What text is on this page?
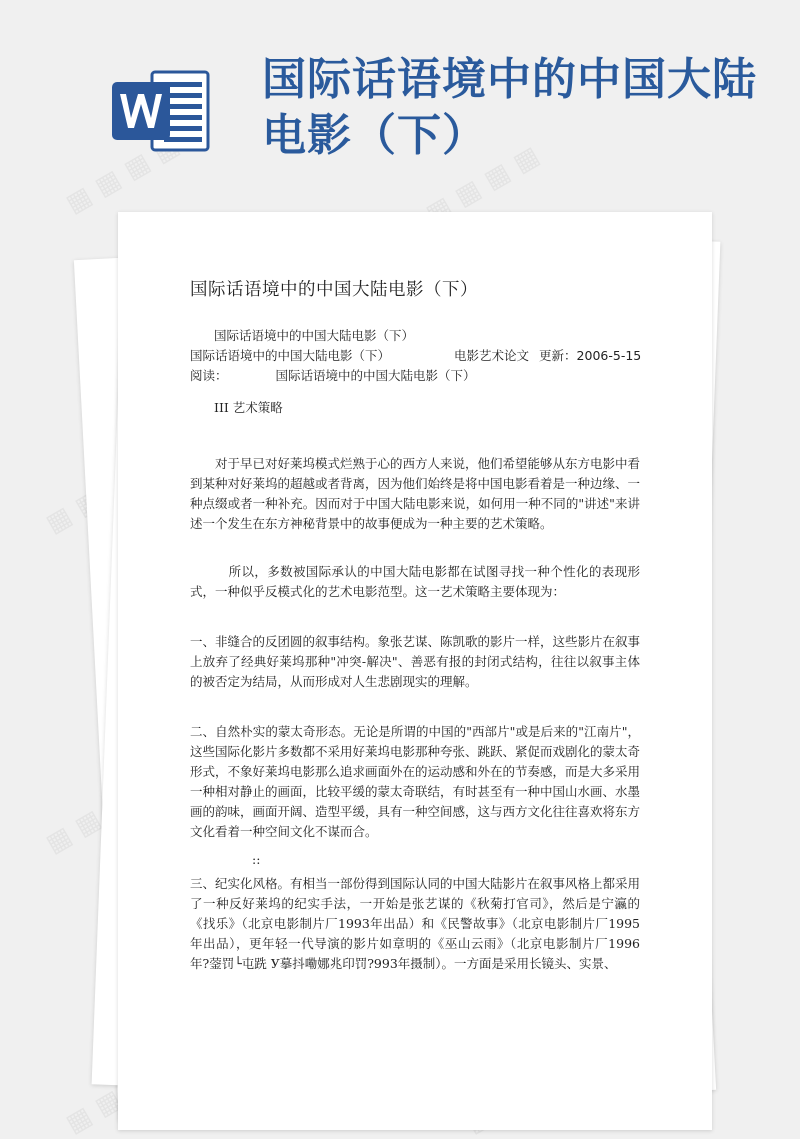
▦ ▦ ▦ ▦	▦ ▦ ▦ ▦
▦
▦ ▦
▦ ▦
国际话语境中的中国大陆电影（下）
国际话语境中的中国大陆电影（下）

国际话语境中的中国大陆电影（下）

国际话语境中的中国大陆电影（下）	电影艺术论文 更新：2006-5-15

阅读：	国际话语境中的中国大陆电影（下）

III 艺术策略

　　对于早已对好莱坞模式烂熟于心的西方人来说，他们希望能够从东方电影中看到某种对好莱坞的超越或者背离，因为他们始终是将中国电影看着是一种边缘、一种点缀或者一种补充。因而对于中国大陆电影来说，如何用一种不同的"讲述"来讲述一个发生在东方神秘背景中的故事便成为一种主要的艺术策略。

　　　所以，多数被国际承认的中国大陆电影都在试图寻找一种个性化的表现形式，一种似乎反模式化的艺术电影范型。这一艺术策略主要体现为：

一、非缝合的反团圆的叙事结构。象张艺谋、陈凯歌的影片一样，这些影片在叙事上放弃了经典好莱坞那种"冲突-解决"、善恶有报的封闭式结构，往往以叙事主体的被否定为结局，从而形成对人生悲剧现实的理解。

二、自然朴实的蒙太奇形态。无论是所谓的中国的"西部片"或是后来的"江南片"，这些国际化影片多数都不采用好莱坞电影那种夸张、跳跃、紧促而戏剧化的蒙太奇形式，不象好莱坞电影那么追求画面外在的运动感和外在的节奏感，而是大多采用一种相对静止的画面，比较平缓的蒙太奇联结，有时甚至有一种中国山水画、水墨画的韵味，画面开阔、造型平缓，具有一种空间感，这与西方文化往往喜欢将东方文化看着一种空间文化不谋而合。

::

三、纪实化风格。有相当一部份得到国际认同的中国大陆影片在叙事风格上都采用了一种反好莱坞的纪实手法，一开始是张艺谋的《秋菊打官司》，然后是宁瀛的《找乐》（北京电影制片厂1993年出品）和《民警故事》（北京电影制片厂1995年出品），更年轻一代导演的影片如章明的《巫山云雨》（北京电影制片厂1996年?蓥罚└屯跣 У摹抖嘞娜兆印罚?993年摄制）。一方面是采用长镜头、实景、
